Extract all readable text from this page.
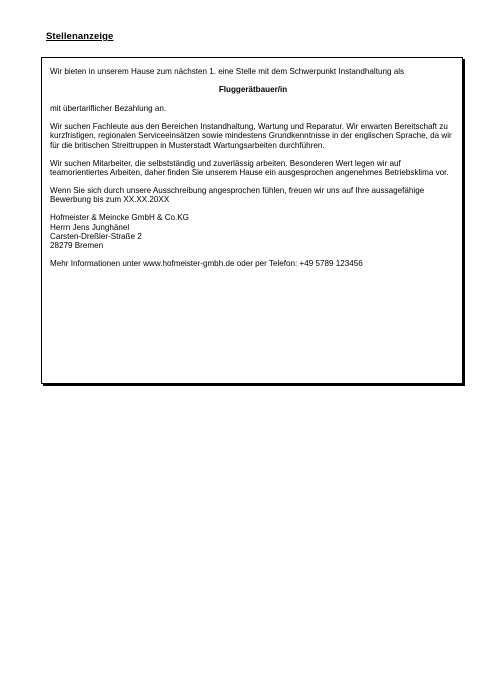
Stellenanzeige

Wir bieten in unserem Hause zum nächsten 1. eine Stelle mit dem Schwerpunkt Instandhaltung als

Fluggerätbauer/in

mit übertariflicher Bezahlung an.

Wir suchen Fachleute aus den Bereichen Instandhaltung, Wartung und Reparatur. Wir erwarten Bereitschaft zu kurzfristigen, regionalen Serviceeinsätzen sowie mindestens Grundkenntnisse in der englischen Sprache, da wir für die britischen Streittruppen in Musterstadt Wartungsarbeiten durchführen.

Wir suchen Mitarbeiter, die selbstständig und zuverlässig arbeiten. Besonderen Wert legen wir auf teamorientiertes Arbeiten, daher finden Sie unserem Hause ein ausgesprochen angenehmes Betriebsklima vor.

Wenn Sie sich durch unsere Ausschreibung angesprochen fühlen, freuen wir uns auf Ihre aussagefähige Bewerbung bis zum XX.XX.20XX

Hofmeister & Meincke GmbH & Co.KG
Herrn Jens Junghänel
Carsten-Dreßler-Straße 2
28279 Bremen

Mehr Informationen unter www.hofmeister-gmbh.de oder per Telefon: +49 5789 123456
